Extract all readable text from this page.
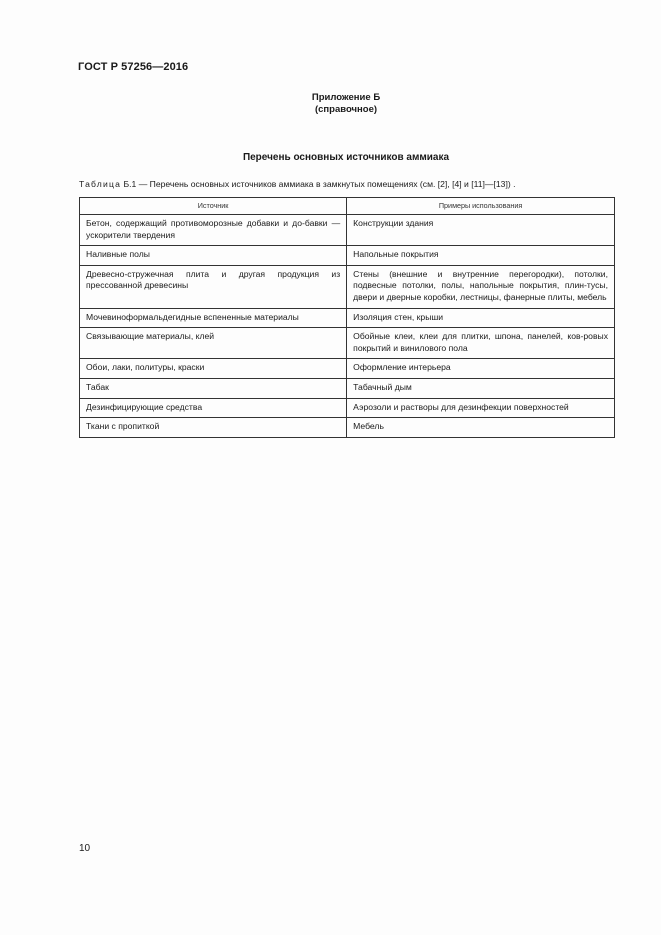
ГОСТ Р 57256—2016
Приложение Б
(справочное)
Перечень основных источников аммиака
Таблица Б.1 — Перечень основных источников аммиака в замкнутых помещениях (см. [2], [4] и [11]—[13]) .
Источник	Примеры использования
Бетон, содержащий противоморозные добавки и до-бавки — ускорители твердения	Конструкции здания
Наливные полы	Напольные покрытия
Древесно-стружечная плита и другая продукция из прессованной древесины	Стены (внешние и внутренние перегородки), потолки, подвесные потолки, полы, напольные покрытия, плин-тусы, двери и дверные коробки, лестницы, фанерные плиты, мебель
Мочевиноформальдегидные вспененные материалы	Изоляция стен, крыши
Связывающие материалы, клей	Обойные клеи, клеи для плитки, шпона, панелей, ков-ровых покрытий и винилового пола
Обои, лаки, политуры, краски	Оформление интерьера
Табак	Табачный дым
Дезинфицирующие средства	Аэрозоли и растворы для дезинфекции поверхностей
Ткани с пропиткой	Мебель
10
